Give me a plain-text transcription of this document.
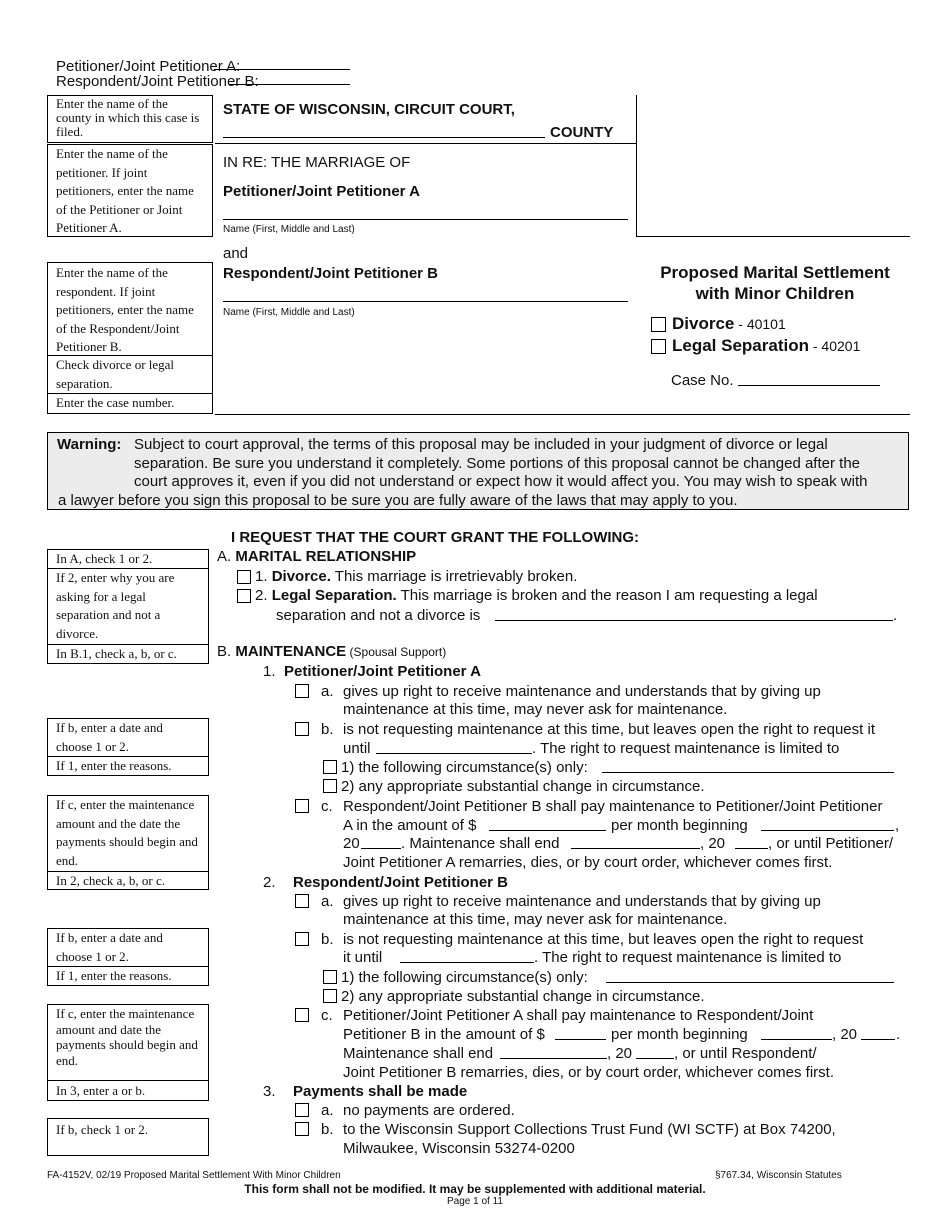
Petitioner/Joint Petitioner A:
Respondent/Joint Petitioner B:
Enter the name of the county in which this case is filed.
Enter the name of the petitioner. If joint petitioners, enter the name of the Petitioner or Joint Petitioner A.
Enter the name of the respondent. If joint petitioners, enter the name of the Respondent/Joint Petitioner B.
Check divorce or legal separation.
Enter the case number.
STATE OF WISCONSIN, CIRCUIT COURT,
COUNTY
IN RE: THE MARRIAGE OF
Petitioner/Joint Petitioner A
Name (First, Middle and Last)
and
Respondent/Joint Petitioner B
Name (First, Middle and Last)
Proposed Marital Settlement
with Minor Children
Divorce - 40101
Legal Separation - 40201
Case No.
Warning: Subject to court approval, the terms of this proposal may be included in your judgment of divorce or legal
separation. Be sure you understand it completely. Some portions of this proposal cannot be changed after the
court approves it, even if you did not understand or expect how it would affect you. You may wish to speak with
a lawyer before you sign this proposal to be sure you are fully aware of the laws that may apply to you.
In A, check 1 or 2.
If 2, enter why you are asking for a legal separation and not a divorce.
In B.1, check a, b, or c.
If b, enter a date and choose 1 or 2.
If 1, enter the reasons.
If c, enter the maintenance amount and the date the payments should begin and end.
In 2, check a, b, or c.
If b, enter a date and choose 1 or 2.
If 1, enter the reasons.
If c, enter the maintenance amount and date the payments should begin and end.
In 3, enter a or b.
If b, check 1 or 2.
I REQUEST THAT THE COURT GRANT THE FOLLOWING:
A. MARITAL RELATIONSHIP
1. Divorce. This marriage is irretrievably broken.
2. Legal Separation. This marriage is broken and the reason I am requesting a legal
separation and not a divorce is	.
B. MAINTENANCE (Spousal Support)
1. Petitioner/Joint Petitioner A
a. gives up right to receive maintenance and understands that by giving up
maintenance at this time, may never ask for maintenance.
b. is not requesting maintenance at this time, but leaves open the right to request it
until	. The right to request maintenance is limited to
1) the following circumstance(s) only:
2) any appropriate substantial change in circumstance.
c. Respondent/Joint Petitioner B shall pay maintenance to Petitioner/Joint Petitioner
A in the amount of $	per month beginning	,
20	. Maintenance shall end	, 20	, or until Petitioner/
Joint Petitioner A remarries, dies, or by court order, whichever comes first.
2. Respondent/Joint Petitioner B
a. gives up right to receive maintenance and understands that by giving up
maintenance at this time, may never ask for maintenance.
b. is not requesting maintenance at this time, but leaves open the right to request
it until	. The right to request maintenance is limited to
1) the following circumstance(s) only:
2) any appropriate substantial change in circumstance.
c. Petitioner/Joint Petitioner A shall pay maintenance to Respondent/Joint
Petitioner B in the amount of $	per month beginning	, 20	.
Maintenance shall end	, 20	, or until Respondent/
Joint Petitioner B remarries, dies, or by court order, whichever comes first.
3. Payments shall be made
a. no payments are ordered.
b. to the Wisconsin Support Collections Trust Fund (WI SCTF) at Box 74200,
Milwaukee, Wisconsin 53274-0200
FA-4152V, 02/19 Proposed Marital Settlement With Minor Children	§767.34, Wisconsin Statutes
This form shall not be modified. It may be supplemented with additional material.
Page 1 of 11
